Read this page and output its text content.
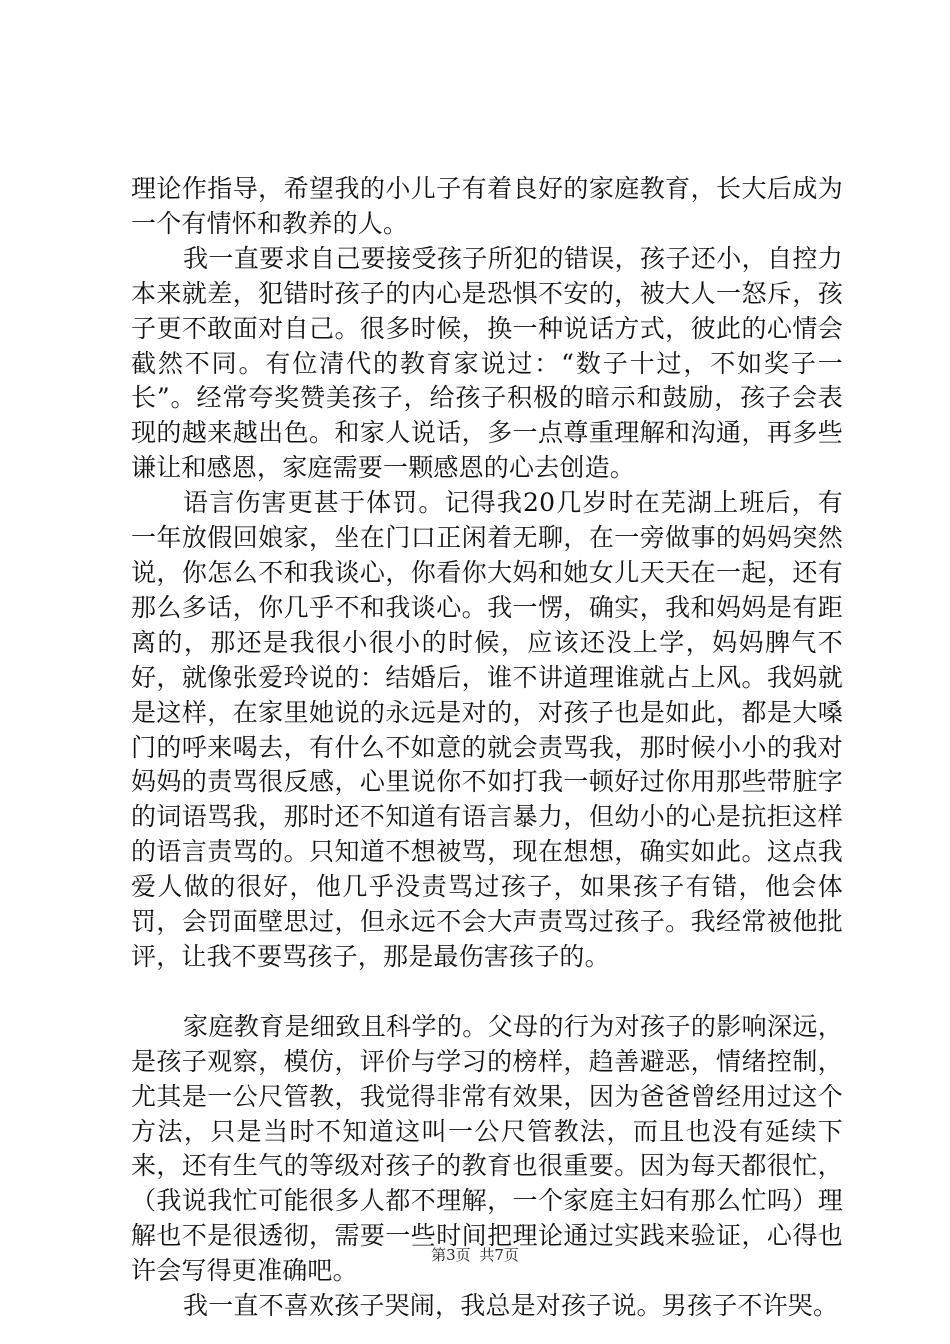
理论作指导，希望我的小儿子有着良好的家庭教育，长大后成为一个有情怀和教养的人。

我一直要求自己要接受孩子所犯的错误，孩子还小，自控力本来就差，犯错时孩子的内心是恐惧不安的，被大人一怒斥，孩子更不敢面对自己。很多时候，换一种说话方式，彼此的心情会截然不同。有位清代的教育家说过：“数子十过，不如奖子一长”。经常夸奖赞美孩子，给孩子积极的暗示和鼓励，孩子会表现的越来越出色。和家人说话，多一点尊重理解和沟通，再多些谦让和感恩，家庭需要一颗感恩的心去创造。

语言伤害更甚于体罚。记得我20几岁时在芜湖上班后，有一年放假回娘家，坐在门口正闲着无聊，在一旁做事的妈妈突然说，你怎么不和我谈心，你看你大妈和她女儿天天在一起，还有那么多话，你几乎不和我谈心。我一愣，确实，我和妈妈是有距离的，那还是我很小很小的时候，应该还没上学，妈妈脾气不好，就像张爱玲说的：结婚后，谁不讲道理谁就占上风。我妈就是这样，在家里她说的永远是对的，对孩子也是如此，都是大嗓门的呼来喝去，有什么不如意的就会责骂我，那时候小小的我对妈妈的责骂很反感，心里说你不如打我一顿好过你用那些带脏字的词语骂我，那时还不知道有语言暴力，但幼小的心是抗拒这样的语言责骂的。只知道不想被骂，现在想想，确实如此。这点我爱人做的很好，他几乎没责骂过孩子，如果孩子有错，他会体罚，会罚面壁思过，但永远不会大声责骂过孩子。我经常被他批评，让我不要骂孩子，那是最伤害孩子的。

家庭教育是细致且科学的。父母的行为对孩子的影响深远，是孩子观察，模仿，评价与学习的榜样，趋善避恶，情绪控制，尤其是一公尺管教，我觉得非常有效果，因为爸爸曾经用过这个方法，只是当时不知道这叫一公尺管教法，而且也没有延续下来，还有生气的等级对孩子的教育也很重要。因为每天都很忙，（我说我忙可能很多人都不理解，一个家庭主妇有那么忙吗）理解也不是很透彻，需要一些时间把理论通过实践来验证，心得也许会写得更准确吧。

我一直不喜欢孩子哭闹，我总是对孩子说。男孩子不许哭。

第3页 共7页
